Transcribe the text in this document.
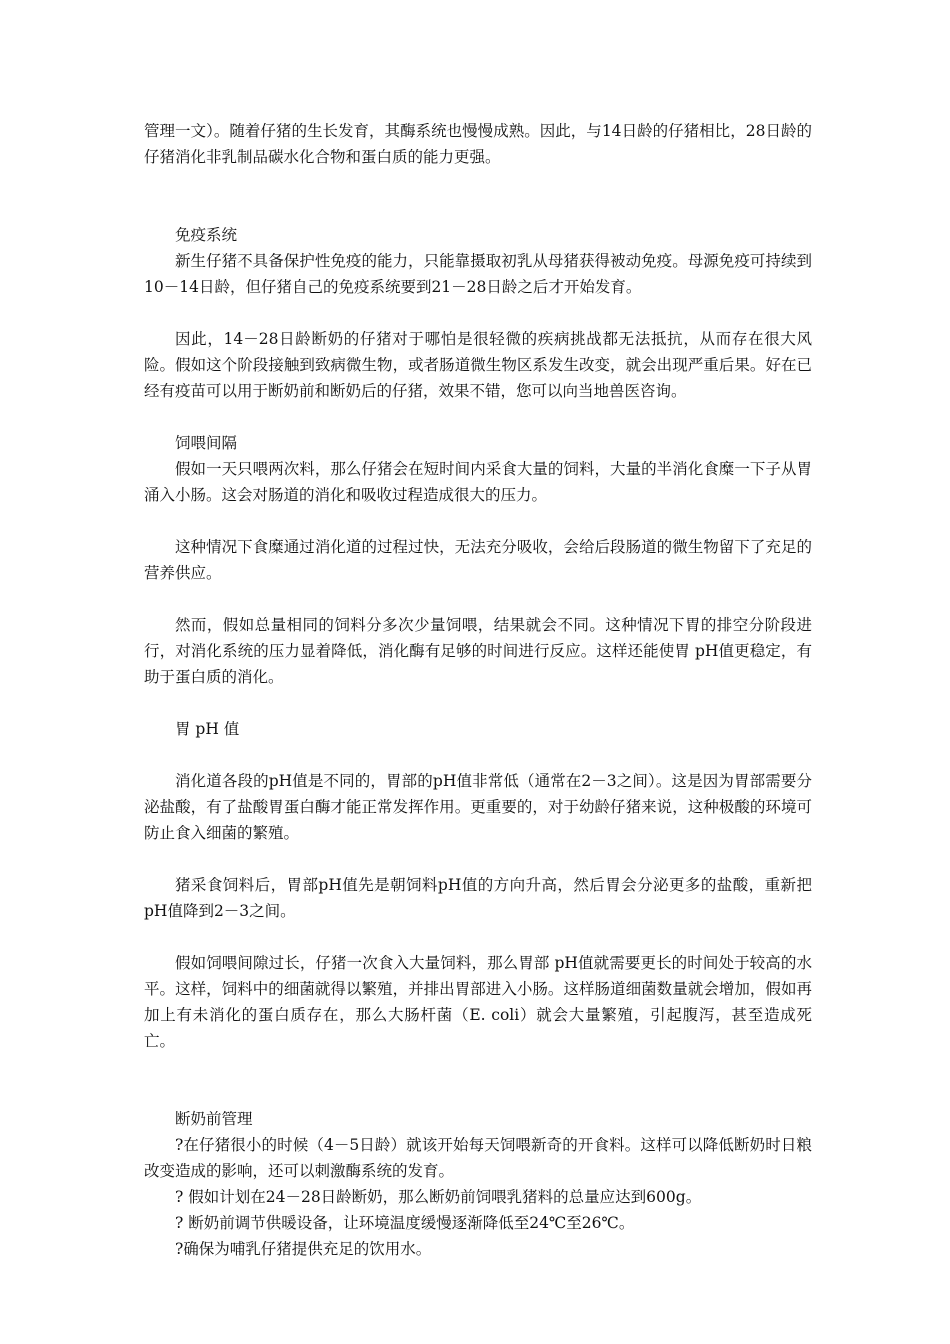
管理一文）。随着仔猪的生长发育，其酶系统也慢慢成熟。因此，与14日龄的仔猪相比，28日龄的仔猪消化非乳制品碳水化合物和蛋白质的能力更强。

免疫系统

新生仔猪不具备保护性免疫的能力，只能靠摄取初乳从母猪获得被动免疫。母源免疫可持续到10－14日龄，但仔猪自己的免疫系统要到21－28日龄之后才开始发育。

因此，14－28日龄断奶的仔猪对于哪怕是很轻微的疾病挑战都无法抵抗，从而存在很大风险。假如这个阶段接触到致病微生物，或者肠道微生物区系发生改变，就会出现严重后果。好在已经有疫苗可以用于断奶前和断奶后的仔猪，效果不错，您可以向当地兽医咨询。

饲喂间隔

假如一天只喂两次料，那么仔猪会在短时间内采食大量的饲料，大量的半消化食糜一下子从胃涌入小肠。这会对肠道的消化和吸收过程造成很大的压力。

这种情况下食糜通过消化道的过程过快，无法充分吸收，会给后段肠道的微生物留下了充足的营养供应。

然而，假如总量相同的饲料分多次少量饲喂，结果就会不同。这种情况下胃的排空分阶段进行，对消化系统的压力显着降低，消化酶有足够的时间进行反应。这样还能使胃 pH值更稳定，有助于蛋白质的消化。

胃 pH 值

消化道各段的pH值是不同的，胃部的pH值非常低（通常在2－3之间）。这是因为胃部需要分泌盐酸，有了盐酸胃蛋白酶才能正常发挥作用。更重要的，对于幼龄仔猪来说，这种极酸的环境可防止食入细菌的繁殖。

猪采食饲料后，胃部pH值先是朝饲料pH值的方向升高，然后胃会分泌更多的盐酸，重新把pH值降到2－3之间。

假如饲喂间隙过长，仔猪一次食入大量饲料，那么胃部 pH值就需要更长的时间处于较高的水平。这样，饲料中的细菌就得以繁殖，并排出胃部进入小肠。这样肠道细菌数量就会增加，假如再加上有未消化的蛋白质存在，那么大肠杆菌（E. coli）就会大量繁殖，引起腹泻，甚至造成死亡。

断奶前管理

?在仔猪很小的时候（4－5日龄）就该开始每天饲喂新奇的开食料。这样可以降低断奶时日粮改变造成的影响，还可以刺激酶系统的发育。

? 假如计划在24－28日龄断奶，那么断奶前饲喂乳猪料的总量应达到600g。

? 断奶前调节供暖设备，让环境温度缓慢逐渐降低至24℃至26℃。

?确保为哺乳仔猪提供充足的饮用水。
